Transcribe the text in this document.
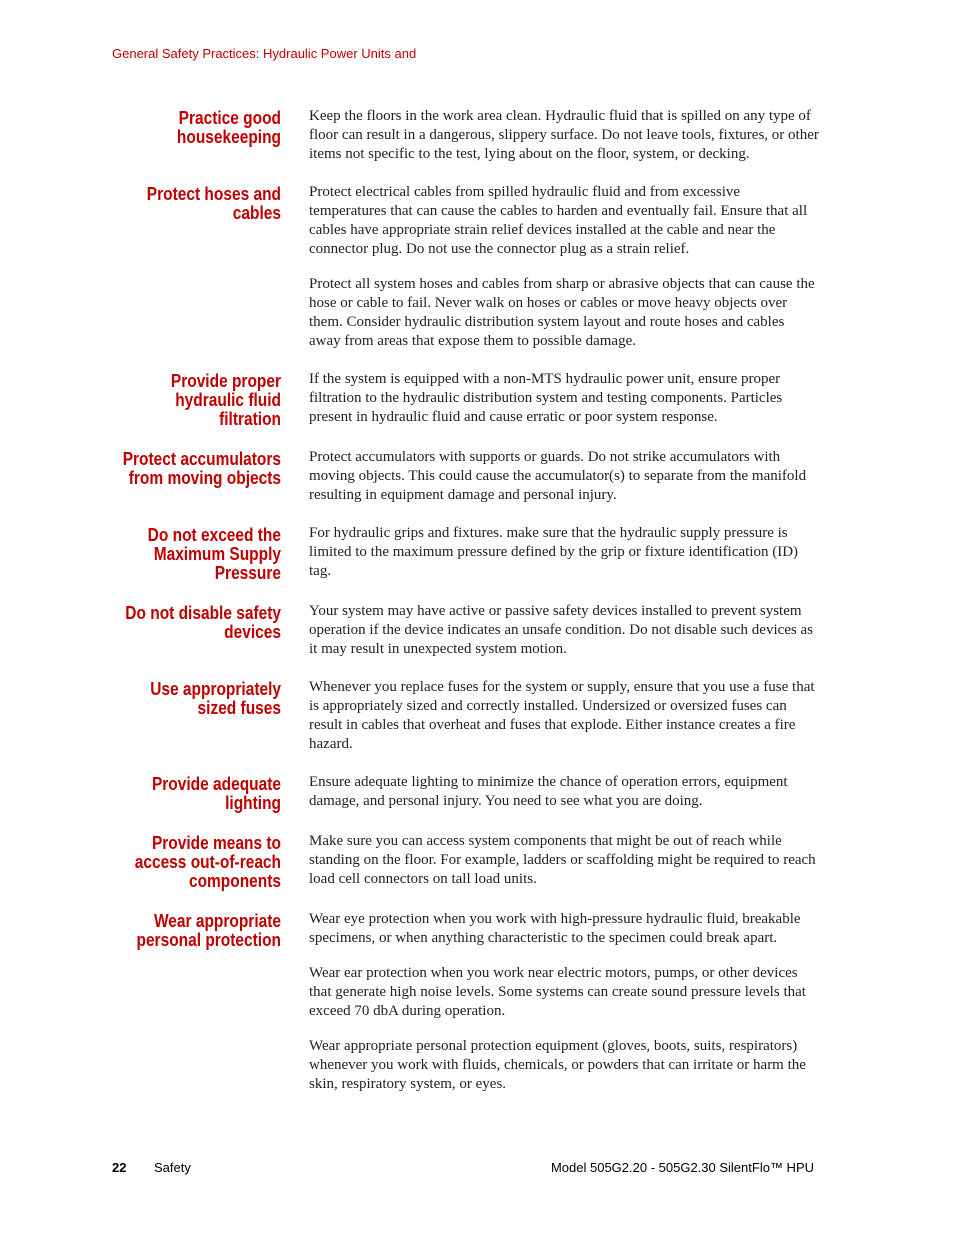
General Safety Practices: Hydraulic Power Units and
Practice good
housekeeping

Keep the floors in the work area clean. Hydraulic fluid that is spilled on any type of floor can result in a dangerous, slippery surface. Do not leave tools, fixtures, or other items not specific to the test, lying about on the floor, system, or decking.

Protect hoses and
cables

Protect electrical cables from spilled hydraulic fluid and from excessive temperatures that can cause the cables to harden and eventually fail. Ensure that all cables have appropriate strain relief devices installed at the cable and near the connector plug. Do not use the connector plug as a strain relief.

Protect all system hoses and cables from sharp or abrasive objects that can cause the hose or cable to fail. Never walk on hoses or cables or move heavy objects over them. Consider hydraulic distribution system layout and route hoses and cables away from areas that expose them to possible damage.

Provide proper
hydraulic fluid
filtration

If the system is equipped with a non-MTS hydraulic power unit, ensure proper filtration to the hydraulic distribution system and testing components. Particles present in hydraulic fluid and cause erratic or poor system response.

Protect accumulators
from moving objects

Protect accumulators with supports or guards. Do not strike accumulators with moving objects. This could cause the accumulator(s) to separate from the manifold resulting in equipment damage and personal injury.

Do not exceed the
Maximum Supply
Pressure

For hydraulic grips and fixtures. make sure that the hydraulic supply pressure is limited to the maximum pressure defined by the grip or fixture identification (ID) tag.

Do not disable safety
devices

Your system may have active or passive safety devices installed to prevent system operation if the device indicates an unsafe condition. Do not disable such devices as it may result in unexpected system motion.

Use appropriately
sized fuses

Whenever you replace fuses for the system or supply, ensure that you use a fuse that is appropriately sized and correctly installed. Undersized or oversized fuses can result in cables that overheat and fuses that explode. Either instance creates a fire hazard.

Provide adequate
lighting

Ensure adequate lighting to minimize the chance of operation errors, equipment damage, and personal injury. You need to see what you are doing.

Provide means to
access out-of-reach
components

Make sure you can access system components that might be out of reach while standing on the floor. For example, ladders or scaffolding might be required to reach load cell connectors on tall load units.

Wear appropriate
personal protection

Wear eye protection when you work with high-pressure hydraulic fluid, breakable specimens, or when anything characteristic to the specimen could break apart.

Wear ear protection when you work near electric motors, pumps, or other devices that generate high noise levels. Some systems can create sound pressure levels that exceed 70 dbA during operation.

Wear appropriate personal protection equipment (gloves, boots, suits, respirators) whenever you work with fluids, chemicals, or powders that can irritate or harm the skin, respiratory system, or eyes.

22 Safety	Model 505G2.20 - 505G2.30 SilentFlo™ HPU
